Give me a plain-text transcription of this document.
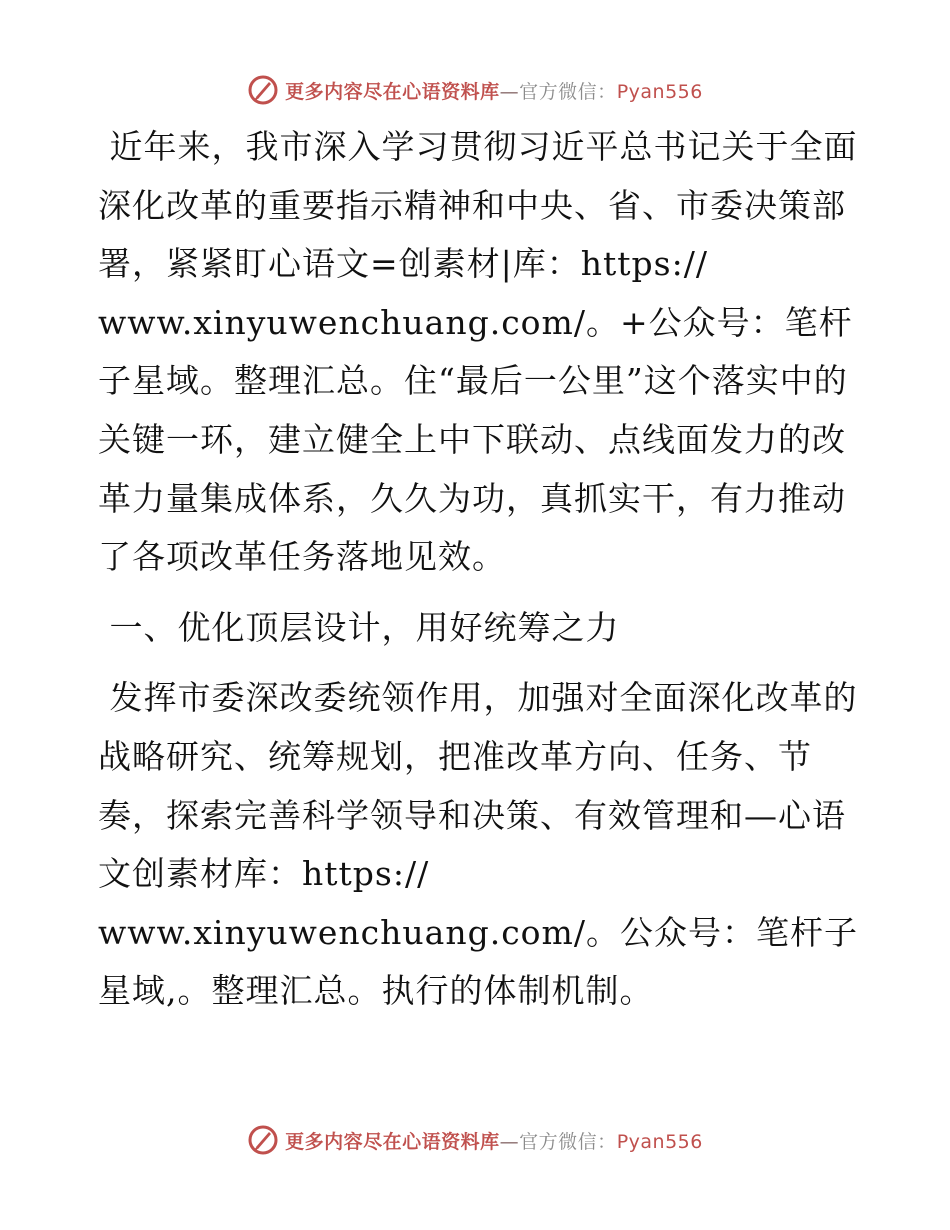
更多内容尽在心语资料库—官方微信：Pyan556

近年来，我市深入学习贯彻习近平总书记关于全面深化改革的重要指示精神和中央、省、市委决策部署，紧紧盯心语文=创素材|库：https://
www.xinyuwenchuang.com/。+公众号：笔杆子星域。整理汇总。住“最后一公里”这个落实中的关键一环，建立健全上中下联动、点线面发力的改革力量集成体系，久久为功，真抓实干，有力推动了各项改革任务落地见效。

一、优化顶层设计，用好统筹之力

发挥市委深改委统领作用，加强对全面深化改革的战略研究、统筹规划，把准改革方向、任务、节奏，探索完善科学领导和决策、有效管理和—心语文创素材库：https://
www.xinyuwenchuang.com/。公众号：笔杆子星域,。整理汇总。执行的体制机制。

更多内容尽在心语资料库—官方微信：Pyan556
